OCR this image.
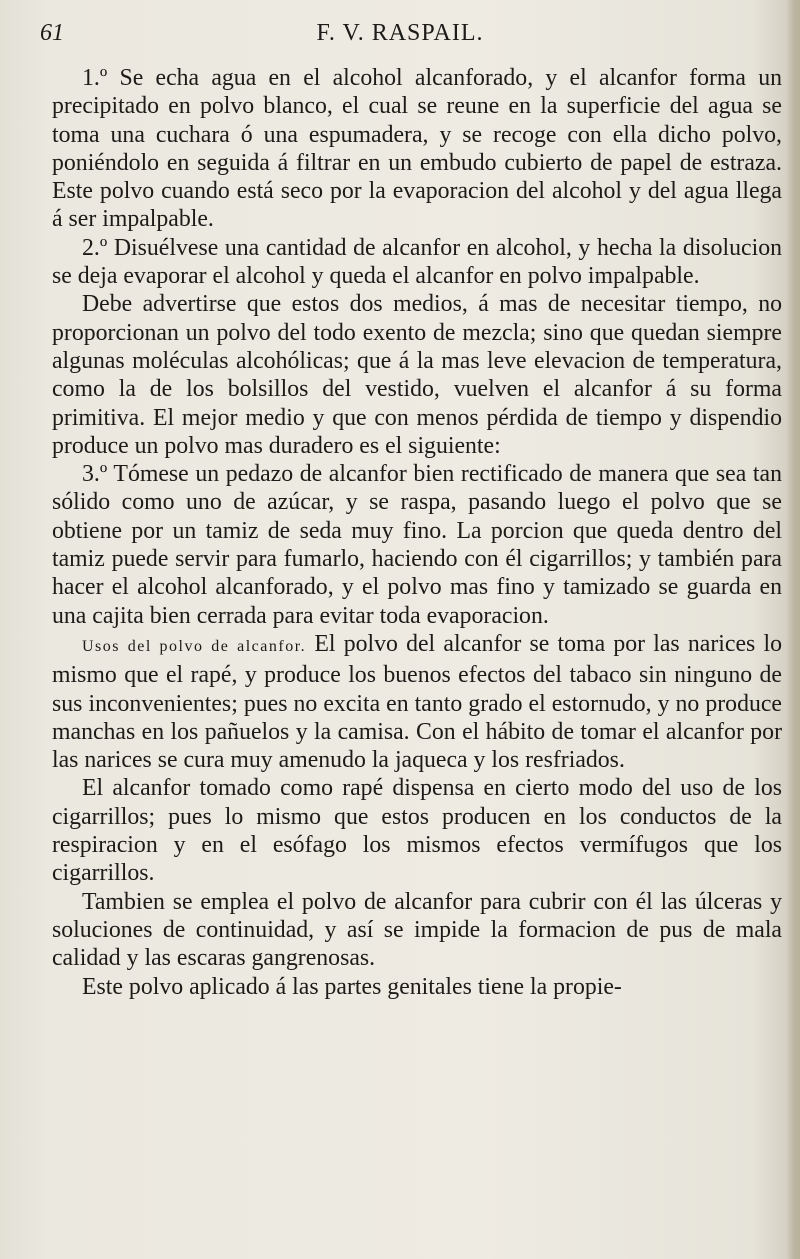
61	F. V. RASPAIL.

1.º Se echa agua en el alcohol alcanforado, y el alcanfor forma un precipitado en polvo blanco, el cual se reune en la superficie del agua se toma una cuchara ó una espumadera, y se recoge con ella dicho polvo, poniéndolo en seguida á filtrar en un embudo cubierto de papel de estraza. Este polvo cuando está seco por la evaporacion del alcohol y del agua llega á ser impalpable.

2.º Disuélvese una cantidad de alcanfor en alcohol, y hecha la disolucion se deja evaporar el alcohol y queda el alcanfor en polvo impalpable.

Debe advertirse que estos dos medios, á mas de necesitar tiempo, no proporcionan un polvo del todo exento de mezcla; sino que quedan siempre algunas moléculas alcohólicas; que á la mas leve elevacion de temperatura, como la de los bolsillos del vestido, vuelven el alcanfor á su forma primitiva. El mejor medio y que con menos pérdida de tiempo y dispendio produce un polvo mas duradero es el siguiente:

3.º Tómese un pedazo de alcanfor bien rectificado de manera que sea tan sólido como uno de azúcar, y se raspa, pasando luego el polvo que se obtiene por un tamiz de seda muy fino. La porcion que queda dentro del tamiz puede servir para fumarlo, haciendo con él cigarrillos; y también para hacer el alcohol alcanforado, y el polvo mas fino y tamizado se guarda en una cajita bien cerrada para evitar toda evaporacion.

Usos del polvo de alcanfor. El polvo del alcanfor se toma por las narices lo mismo que el rapé, y produce los buenos efectos del tabaco sin ninguno de sus inconvenientes; pues no excita en tanto grado el estornudo, y no produce manchas en los pañuelos y la camisa. Con el hábito de tomar el alcanfor por las narices se cura muy amenudo la jaqueca y los resfriados.

El alcanfor tomado como rapé dispensa en cierto modo del uso de los cigarrillos; pues lo mismo que estos producen en los conductos de la respiracion y en el esófago los mismos efectos vermífugos que los cigarrillos.

Tambien se emplea el polvo de alcanfor para cubrir con él las úlceras y soluciones de continuidad, y así se impide la formacion de pus de mala calidad y las escaras gangrenosas.

Este polvo aplicado á las partes genitales tiene la propie-
